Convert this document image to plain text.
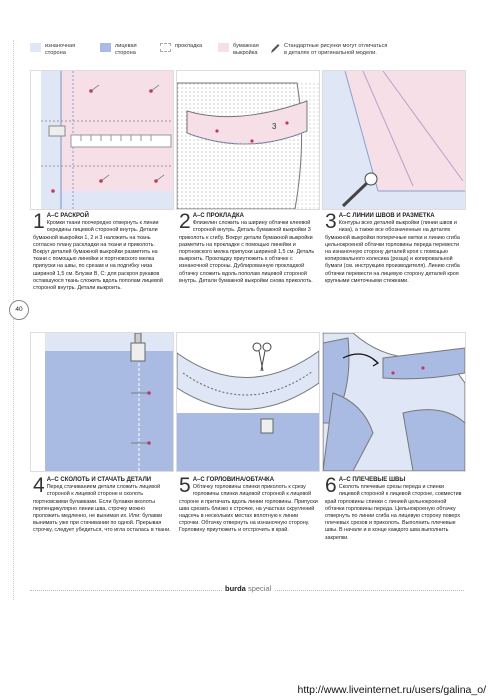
изнаночная
сторона
лицевая
сторона
прокладка	бумажная
выкройка
Стандартные рисунки могут отличаться
в деталях от оригинальной модели.
3
1 А–С РАСКРОЙ
Кромки ткани поочередно отвернуть к линии середины лицевой стороной внутрь. Детали бумажной выкройки 1, 2 и 3 наложить на ткань согласно плану раскладки на ткани и приколоть. Вокруг деталей бумажной выкройки разметить на ткани с помощью линейки и портновского мелка припуски на швы, по срезам и на подгибку низа шириной 1,5 см. Блузки В, С: для раскроя рукавов оставшуюся ткань сложить вдоль пополам лицевой стороной внутрь. Детали выкроить.
2 А–С ПРОКЛАДКА
Флизелин сложить на ширину обтачки клеевой стороной внутрь. Деталь бумажной выкройки 3 приколоть к сгибу. Вокруг детали бумажной выкройки разметить на прокладке с помощью линейки и портновского мелка припуски шириной 1,5 см. Деталь выкроить. Прокладку приутюжить к обтачке с изнаночной стороны. Дублированную прокладкой обтачку сложить вдоль пополам лицевой стороной внутрь. Детали бумажной выкройки снова приколоть.
3 А–С ЛИНИИ ШВОВ И РАЗМЕТКА
Контуры всех деталей выкройки (линии швов и низа), а также все обозначенные на деталях бумажной выкройки поперечные метки и линию сгиба цельнокроеной обтачки горловины переда перевести на изнаночную сторону деталей кроя с помощью копировального колесика (резца) и копировальной бумаги (см. инструкцию производителя). Линию сгиба обтачки перевести на лицевую сторону деталей кроя крупными сметочными стежками.
40
4 А–С СКОЛОТЬ И СТАЧАТЬ ДЕТАЛИ
Перед стачиванием детали сложить лицевой стороной к лицевой стороне и сколоть портновскими булавками. Если булавки вколоты перпендикулярно линии шва, строчку можно проложить медленно, не вынимая их. Или: булавки вынимать уже при стачивании по одной. Прерывая строчку, следует убедиться, что игла осталась в ткани.
5 А–С ГОРЛОВИНА/ОБТАЧКА
Обтачку горловины спинки приколоть к срезу горловины спинки лицевой стороной к лицевой стороне и притачать вдоль линии горловины. Припуски шва срезать близко к строчке, на участках скруглений надсечь в нескольких местах вплотную к линии строчки. Обтачку отвернуть на изнаночную сторону. Горловину приутюжить и отстрочить в край.
6 А–С ПЛЕЧЕВЫЕ ШВЫ
Сколоть плечевые срезы переда и спинки лицевой стороной к лицевой стороне, совместив край горловины спинки с линией цельнокроеной обтачки горловины переда. Цельнокроеную обтачку отвернуть по линии сгиба на лицевую сторону поверх плечевых срезов и приколоть. Выполнить плечевые швы. В начале и в конце каждого шва выполнить закрепки.
burda special
http://www.liveinternet.ru/users/galina_o/
